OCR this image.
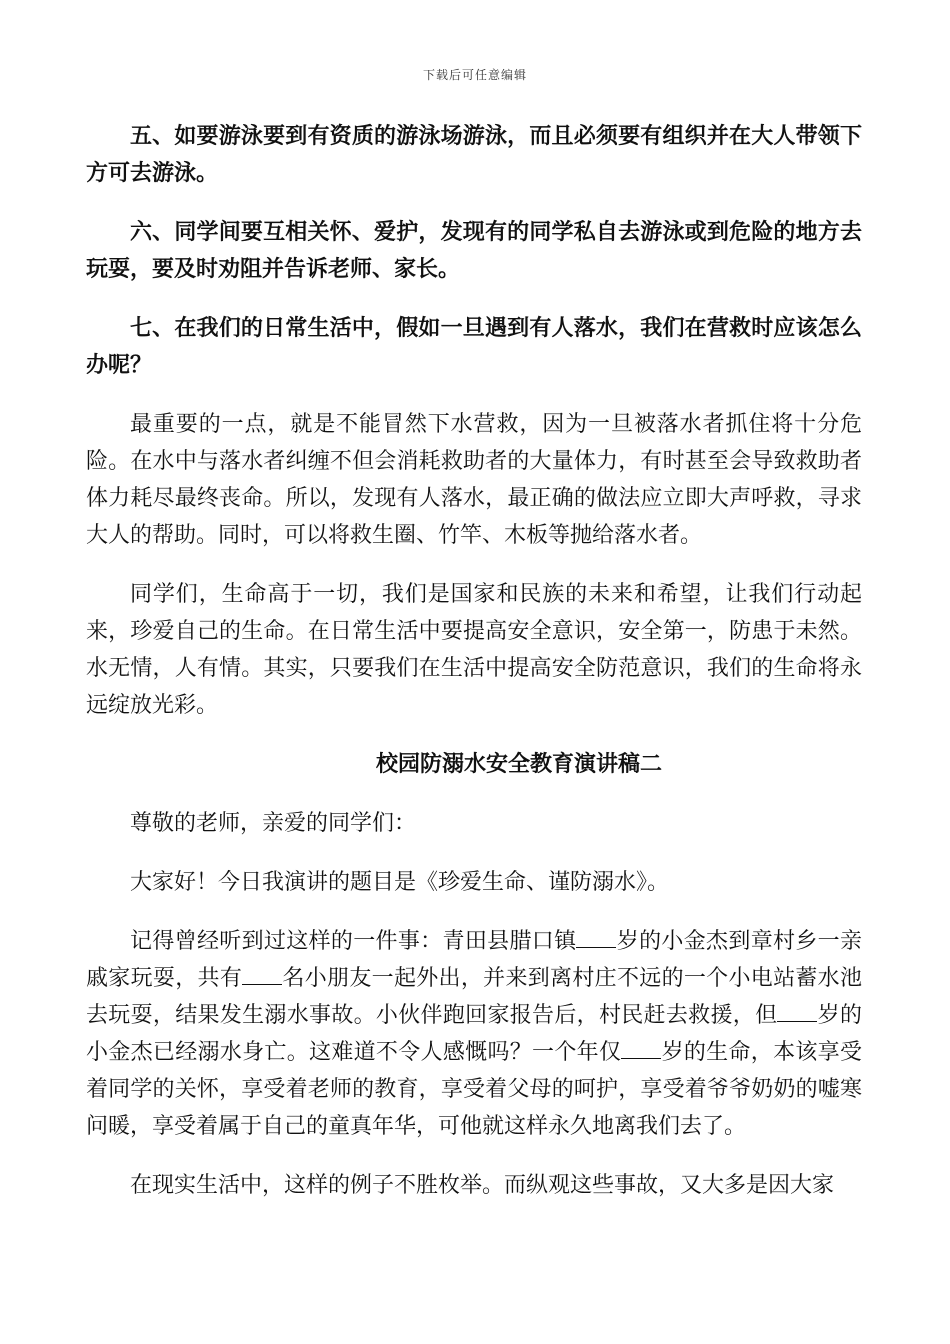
下载后可任意编辑

五、如要游泳要到有资质的游泳场游泳，而且必须要有组织并在大人带领下方可去游泳。

六、同学间要互相关怀、爱护，发现有的同学私自去游泳或到危险的地方去玩耍，要及时劝阻并告诉老师、家长。

七、在我们的日常生活中，假如一旦遇到有人落水，我们在营救时应该怎么办呢？

最重要的一点，就是不能冒然下水营救，因为一旦被落水者抓住将十分危险。在水中与落水者纠缠不但会消耗救助者的大量体力，有时甚至会导致救助者体力耗尽最终丧命。所以，发现有人落水，最正确的做法应立即大声呼救，寻求大人的帮助。同时，可以将救生圈、竹竿、木板等抛给落水者。

同学们，生命高于一切，我们是国家和民族的未来和希望，让我们行动起来，珍爱自己的生命。在日常生活中要提高安全意识，安全第一，防患于未然。水无情，人有情。其实，只要我们在生活中提高安全防范意识，我们的生命将永远绽放光彩。

校园防溺水安全教育演讲稿二

尊敬的老师，亲爱的同学们：

大家好！今日我演讲的题目是《珍爱生命、谨防溺水》。

记得曾经听到过这样的一件事：青田县腊口镇 岁的小金杰到章村乡一亲戚家玩耍，共有 名小朋友一起外出，并来到离村庄不远的一个小电站蓄水池去玩耍，结果发生溺水事故。小伙伴跑回家报告后，村民赶去救援，但 岁的小金杰已经溺水身亡。这难道不令人感慨吗？一个年仅 岁的生命，本该享受着同学的关怀，享受着老师的教育，享受着父母的呵护，享受着爷爷奶奶的嘘寒问暖，享受着属于自己的童真年华，可他就这样永久地离我们去了。

在现实生活中，这样的例子不胜枚举。而纵观这些事故，又大多是因大家
